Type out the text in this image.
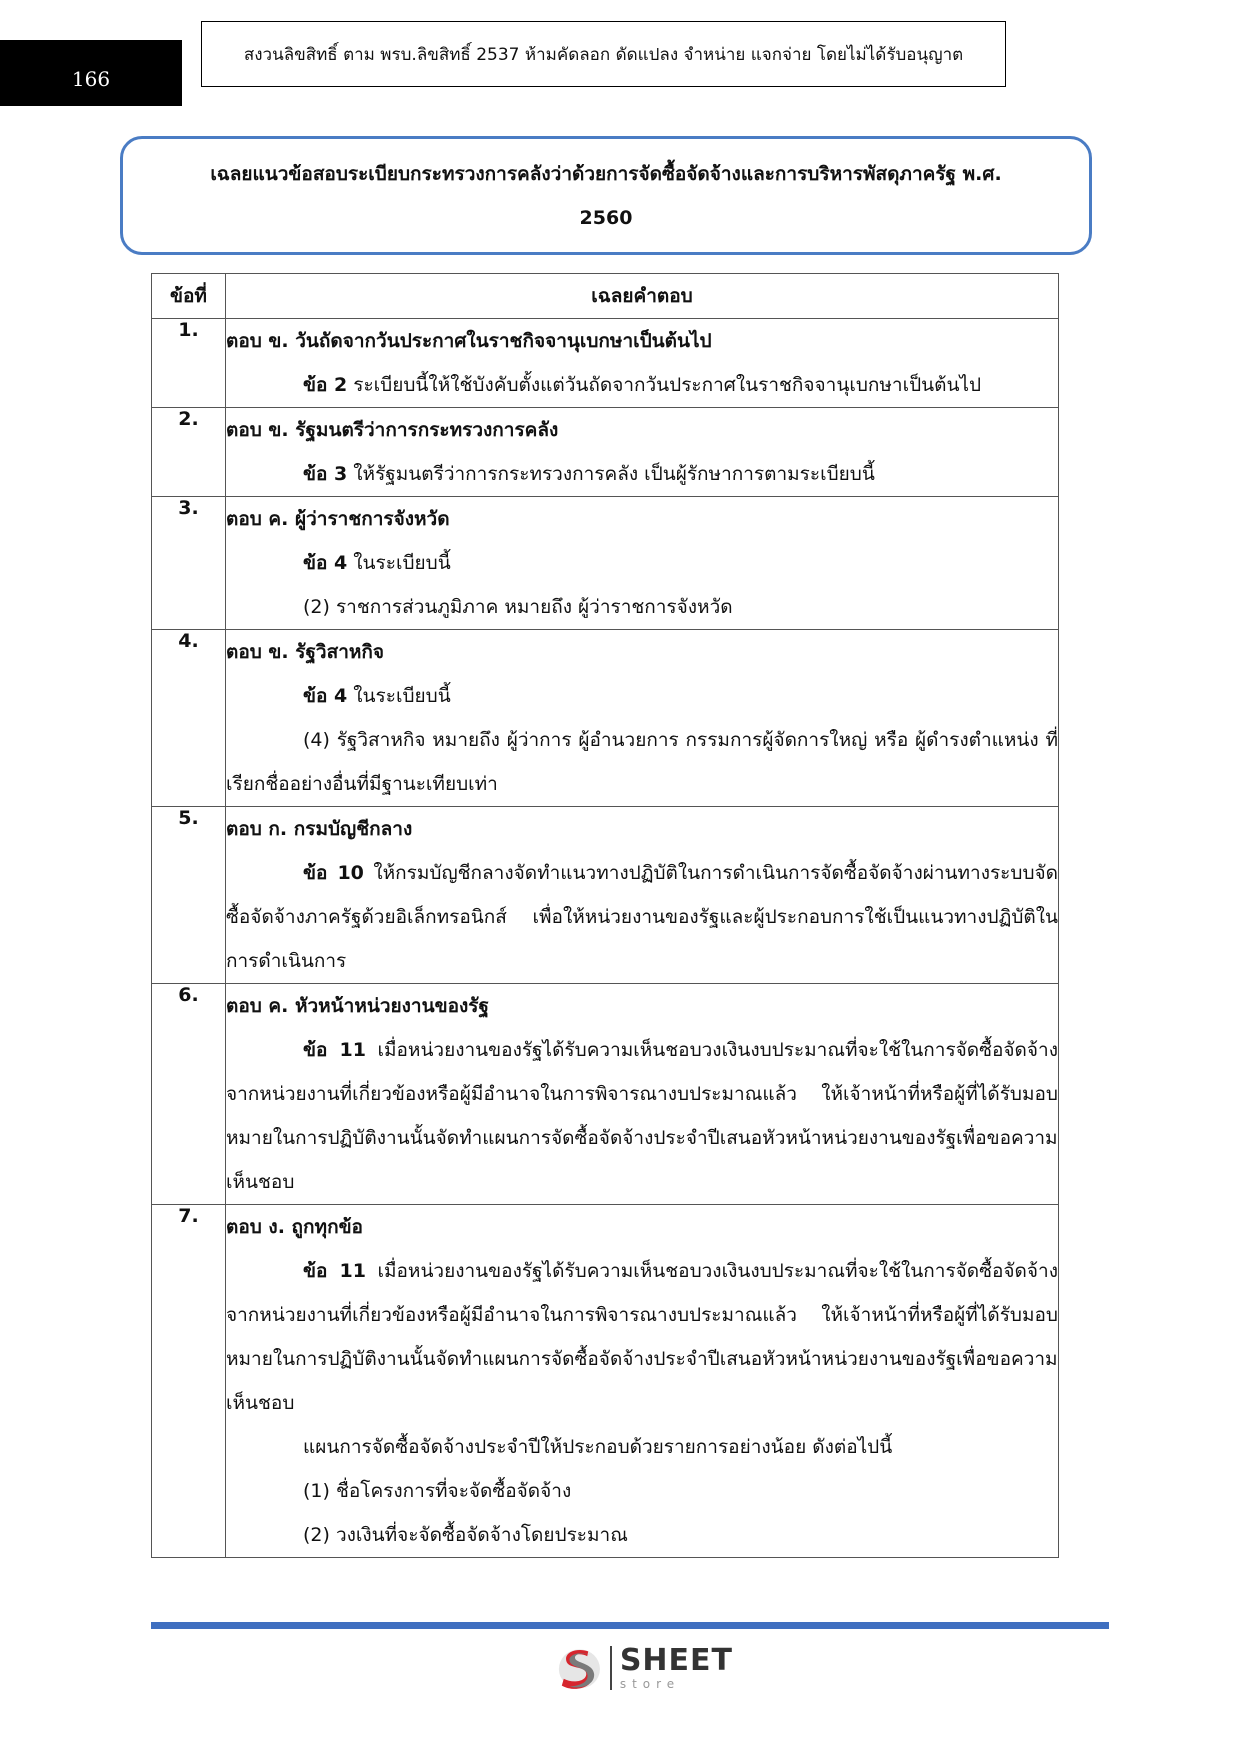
166
สงวนลิขสิทธิ์ ตาม พรบ.ลิขสิทธิ์ 2537 ห้ามคัดลอก ดัดแปลง จำหน่าย แจกจ่าย โดยไม่ได้รับอนุญาต
เฉลยแนวข้อสอบระเบียบกระทรวงการคลังว่าด้วยการจัดซื้อจัดจ้างและการบริหารพัสดุภาครัฐ พ.ศ.
2560
ข้อที่	เฉลยคำตอบ
1.	ตอบ ข. วันถัดจากวันประกาศในราชกิจจานุเบกษาเป็นต้นไป
ข้อ 2 ระเบียบนี้ให้ใช้บังคับตั้งแต่วันถัดจากวันประกาศในราชกิจจานุเบกษาเป็นต้นไป

2.	ตอบ ข. รัฐมนตรีว่าการกระทรวงการคลัง
ข้อ 3 ให้รัฐมนตรีว่าการกระทรวงการคลัง เป็นผู้รักษาการตามระเบียบนี้

3.	ตอบ ค. ผู้ว่าราชการจังหวัด
ข้อ 4 ในระเบียบนี้
(2) ราชการส่วนภูมิภาค หมายถึง ผู้ว่าราชการจังหวัด

4.	ตอบ ข. รัฐวิสาหกิจ
ข้อ 4 ในระเบียบนี้
(4) รัฐวิสาหกิจ หมายถึง ผู้ว่าการ ผู้อำนวยการ กรรมการผู้จัดการใหญ่ หรือ ผู้ดำรงตำแหน่ง ที่เรียกชื่ออย่างอื่นที่มีฐานะเทียบเท่า

5.	ตอบ ก. กรมบัญชีกลาง
ข้อ 10 ให้กรมบัญชีกลางจัดทำแนวทางปฏิบัติในการดำเนินการจัดซื้อจัดจ้างผ่านทางระบบจัดซื้อจัดจ้างภาครัฐด้วยอิเล็กทรอนิกส์ เพื่อให้หน่วยงานของรัฐและผู้ประกอบการใช้เป็นแนวทางปฏิบัติในการดำเนินการ

6.	ตอบ ค. หัวหน้าหน่วยงานของรัฐ
ข้อ 11 เมื่อหน่วยงานของรัฐได้รับความเห็นชอบวงเงินงบประมาณที่จะใช้ในการจัดซื้อจัดจ้างจากหน่วยงานที่เกี่ยวข้องหรือผู้มีอำนาจในการพิจารณางบประมาณแล้ว ให้เจ้าหน้าที่หรือผู้ที่ได้รับมอบหมายในการปฏิบัติงานนั้นจัดทำแผนการจัดซื้อจัดจ้างประจำปีเสนอหัวหน้าหน่วยงานของรัฐเพื่อขอความเห็นชอบ

7.	ตอบ ง. ถูกทุกข้อ
ข้อ 11 เมื่อหน่วยงานของรัฐได้รับความเห็นชอบวงเงินงบประมาณที่จะใช้ในการจัดซื้อจัดจ้างจากหน่วยงานที่เกี่ยวข้องหรือผู้มีอำนาจในการพิจารณางบประมาณแล้ว ให้เจ้าหน้าที่หรือผู้ที่ได้รับมอบหมายในการปฏิบัติงานนั้นจัดทำแผนการจัดซื้อจัดจ้างประจำปีเสนอหัวหน้าหน่วยงานของรัฐเพื่อขอความเห็นชอบ
แผนการจัดซื้อจัดจ้างประจำปีให้ประกอบด้วยรายการอย่างน้อย ดังต่อไปนี้
(1) ชื่อโครงการที่จะจัดซื้อจัดจ้าง
(2) วงเงินที่จะจัดซื้อจัดจ้างโดยประมาณ
SHEET
store
